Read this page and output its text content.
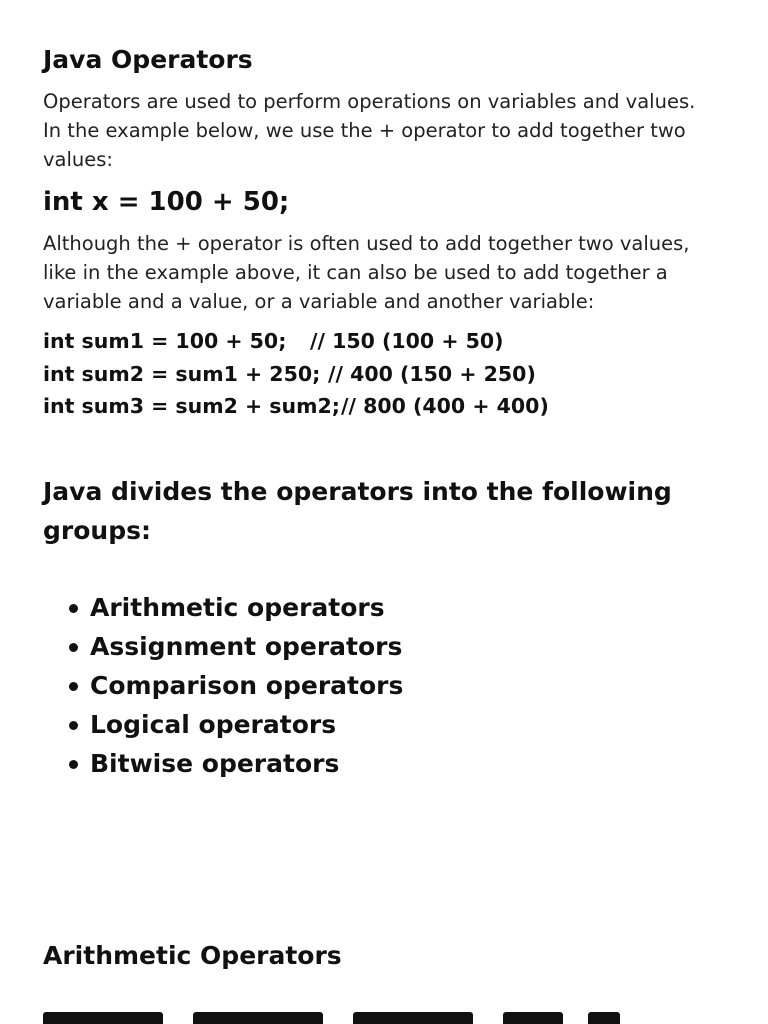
Java Operators

Operators are used to perform operations on variables and values.
In the example below, we use the + operator to add together two
values:

int x = 100 + 50;

Although the + operator is often used to add together two values,
like in the example above, it can also be used to add together a
variable and a value, or a variable and another variable:

int sum1 = 100 + 50; // 150 (100 + 50)
int sum2 = sum1 + 250; // 400 (150 + 250)
int sum3 = sum2 + sum2; // 800 (400 + 400)
Java divides the operators into the following
groups:
Arithmetic operators
Assignment operators
Comparison operators
Logical operators
Bitwise operators
Arithmetic Operators
